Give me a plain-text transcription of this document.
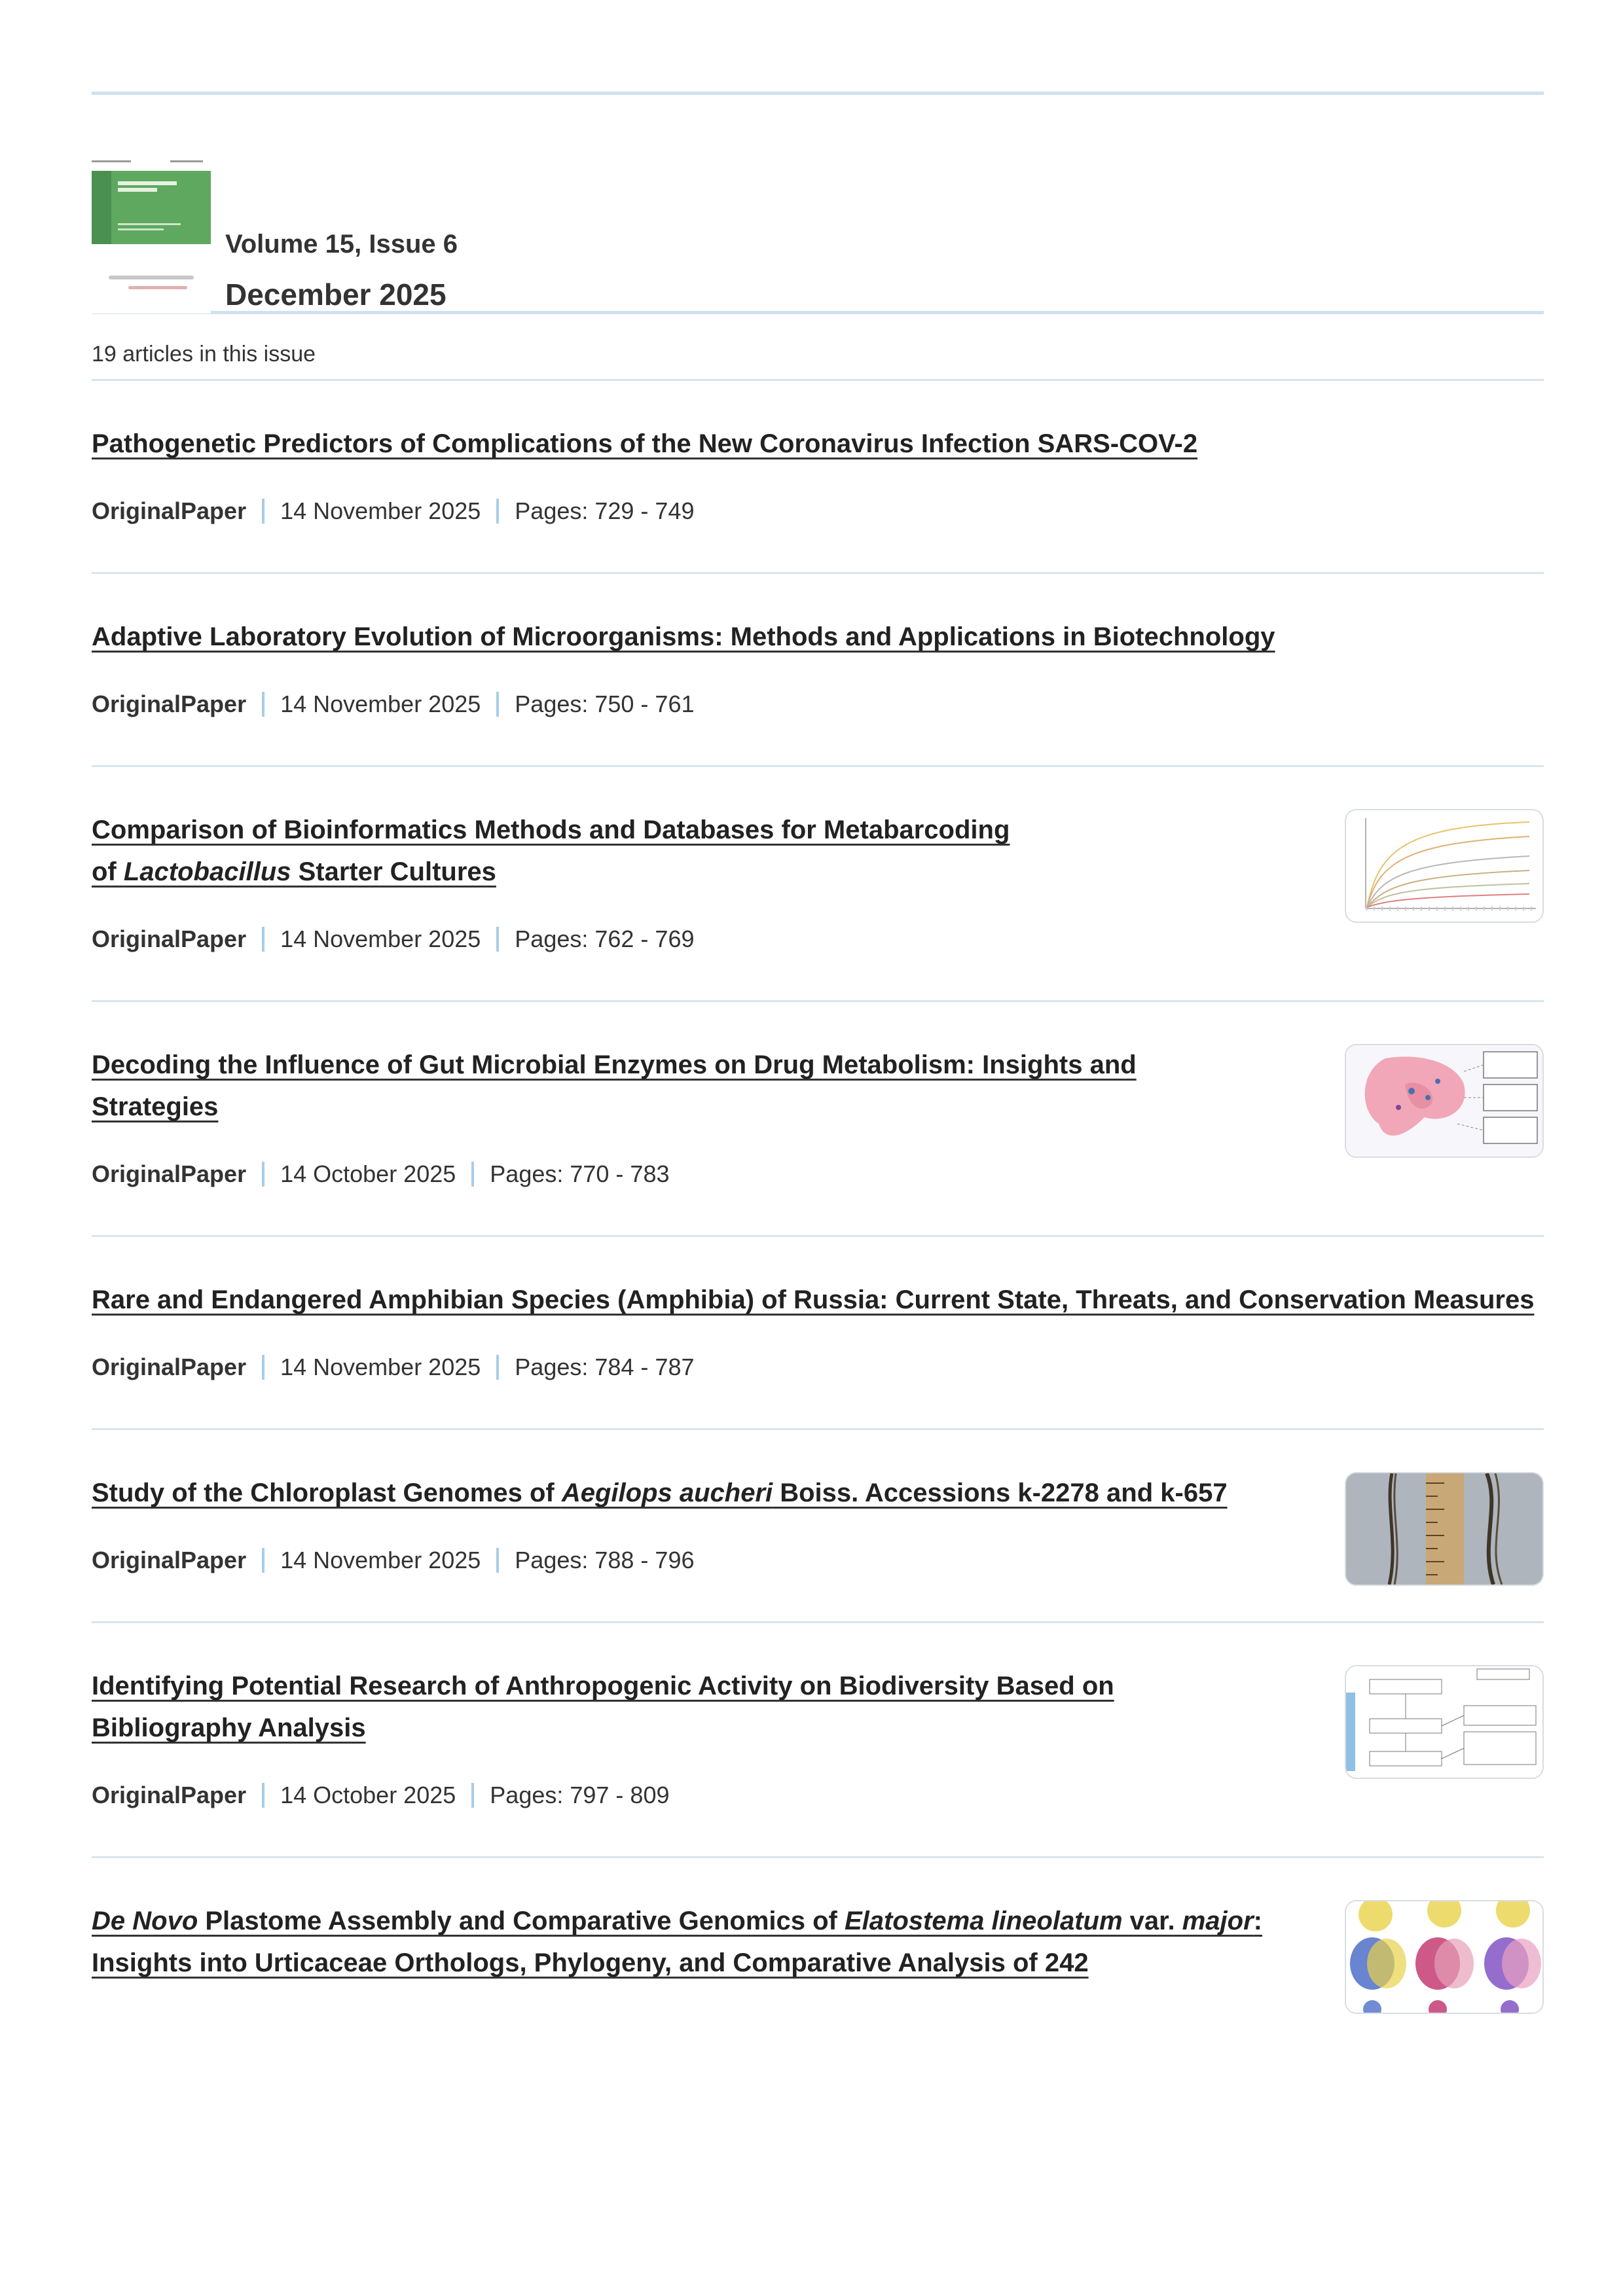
Volume 15, Issue 6

December 2025

19 articles in this issue

Pathogenetic Predictors of Complications of the New Coronavirus Infection SARS-COV-2
OriginalPaper 14 November 2025 Pages: 729 - 749
Adaptive Laboratory Evolution of Microorganisms: Methods and Applications in Biotechnology
OriginalPaper 14 November 2025 Pages: 750 - 761
Comparison of Bioinformatics Methods and Databases for Metabarcoding
of Lactobacillus Starter Cultures
OriginalPaper 14 November 2025 Pages: 762 - 769
Decoding the Influence of Gut Microbial Enzymes on Drug Metabolism: Insights and Strategies
OriginalPaper 14 October 2025 Pages: 770 - 783
Rare and Endangered Amphibian Species (Amphibia) of Russia: Current State, Threats, and Conservation Measures
OriginalPaper 14 November 2025 Pages: 784 - 787
Study of the Chloroplast Genomes of Aegilops aucheri Boiss. Accessions k-2278 and k-657
OriginalPaper 14 November 2025 Pages: 788 - 796
Identifying Potential Research of Anthropogenic Activity on Biodiversity Based on Bibliography Analysis
OriginalPaper 14 October 2025 Pages: 797 - 809
De Novo Plastome Assembly and Comparative Genomics of Elatostema lineolatum var. major: Insights into Urticaceae Orthologs, Phylogeny, and Comparative Analysis of 242
